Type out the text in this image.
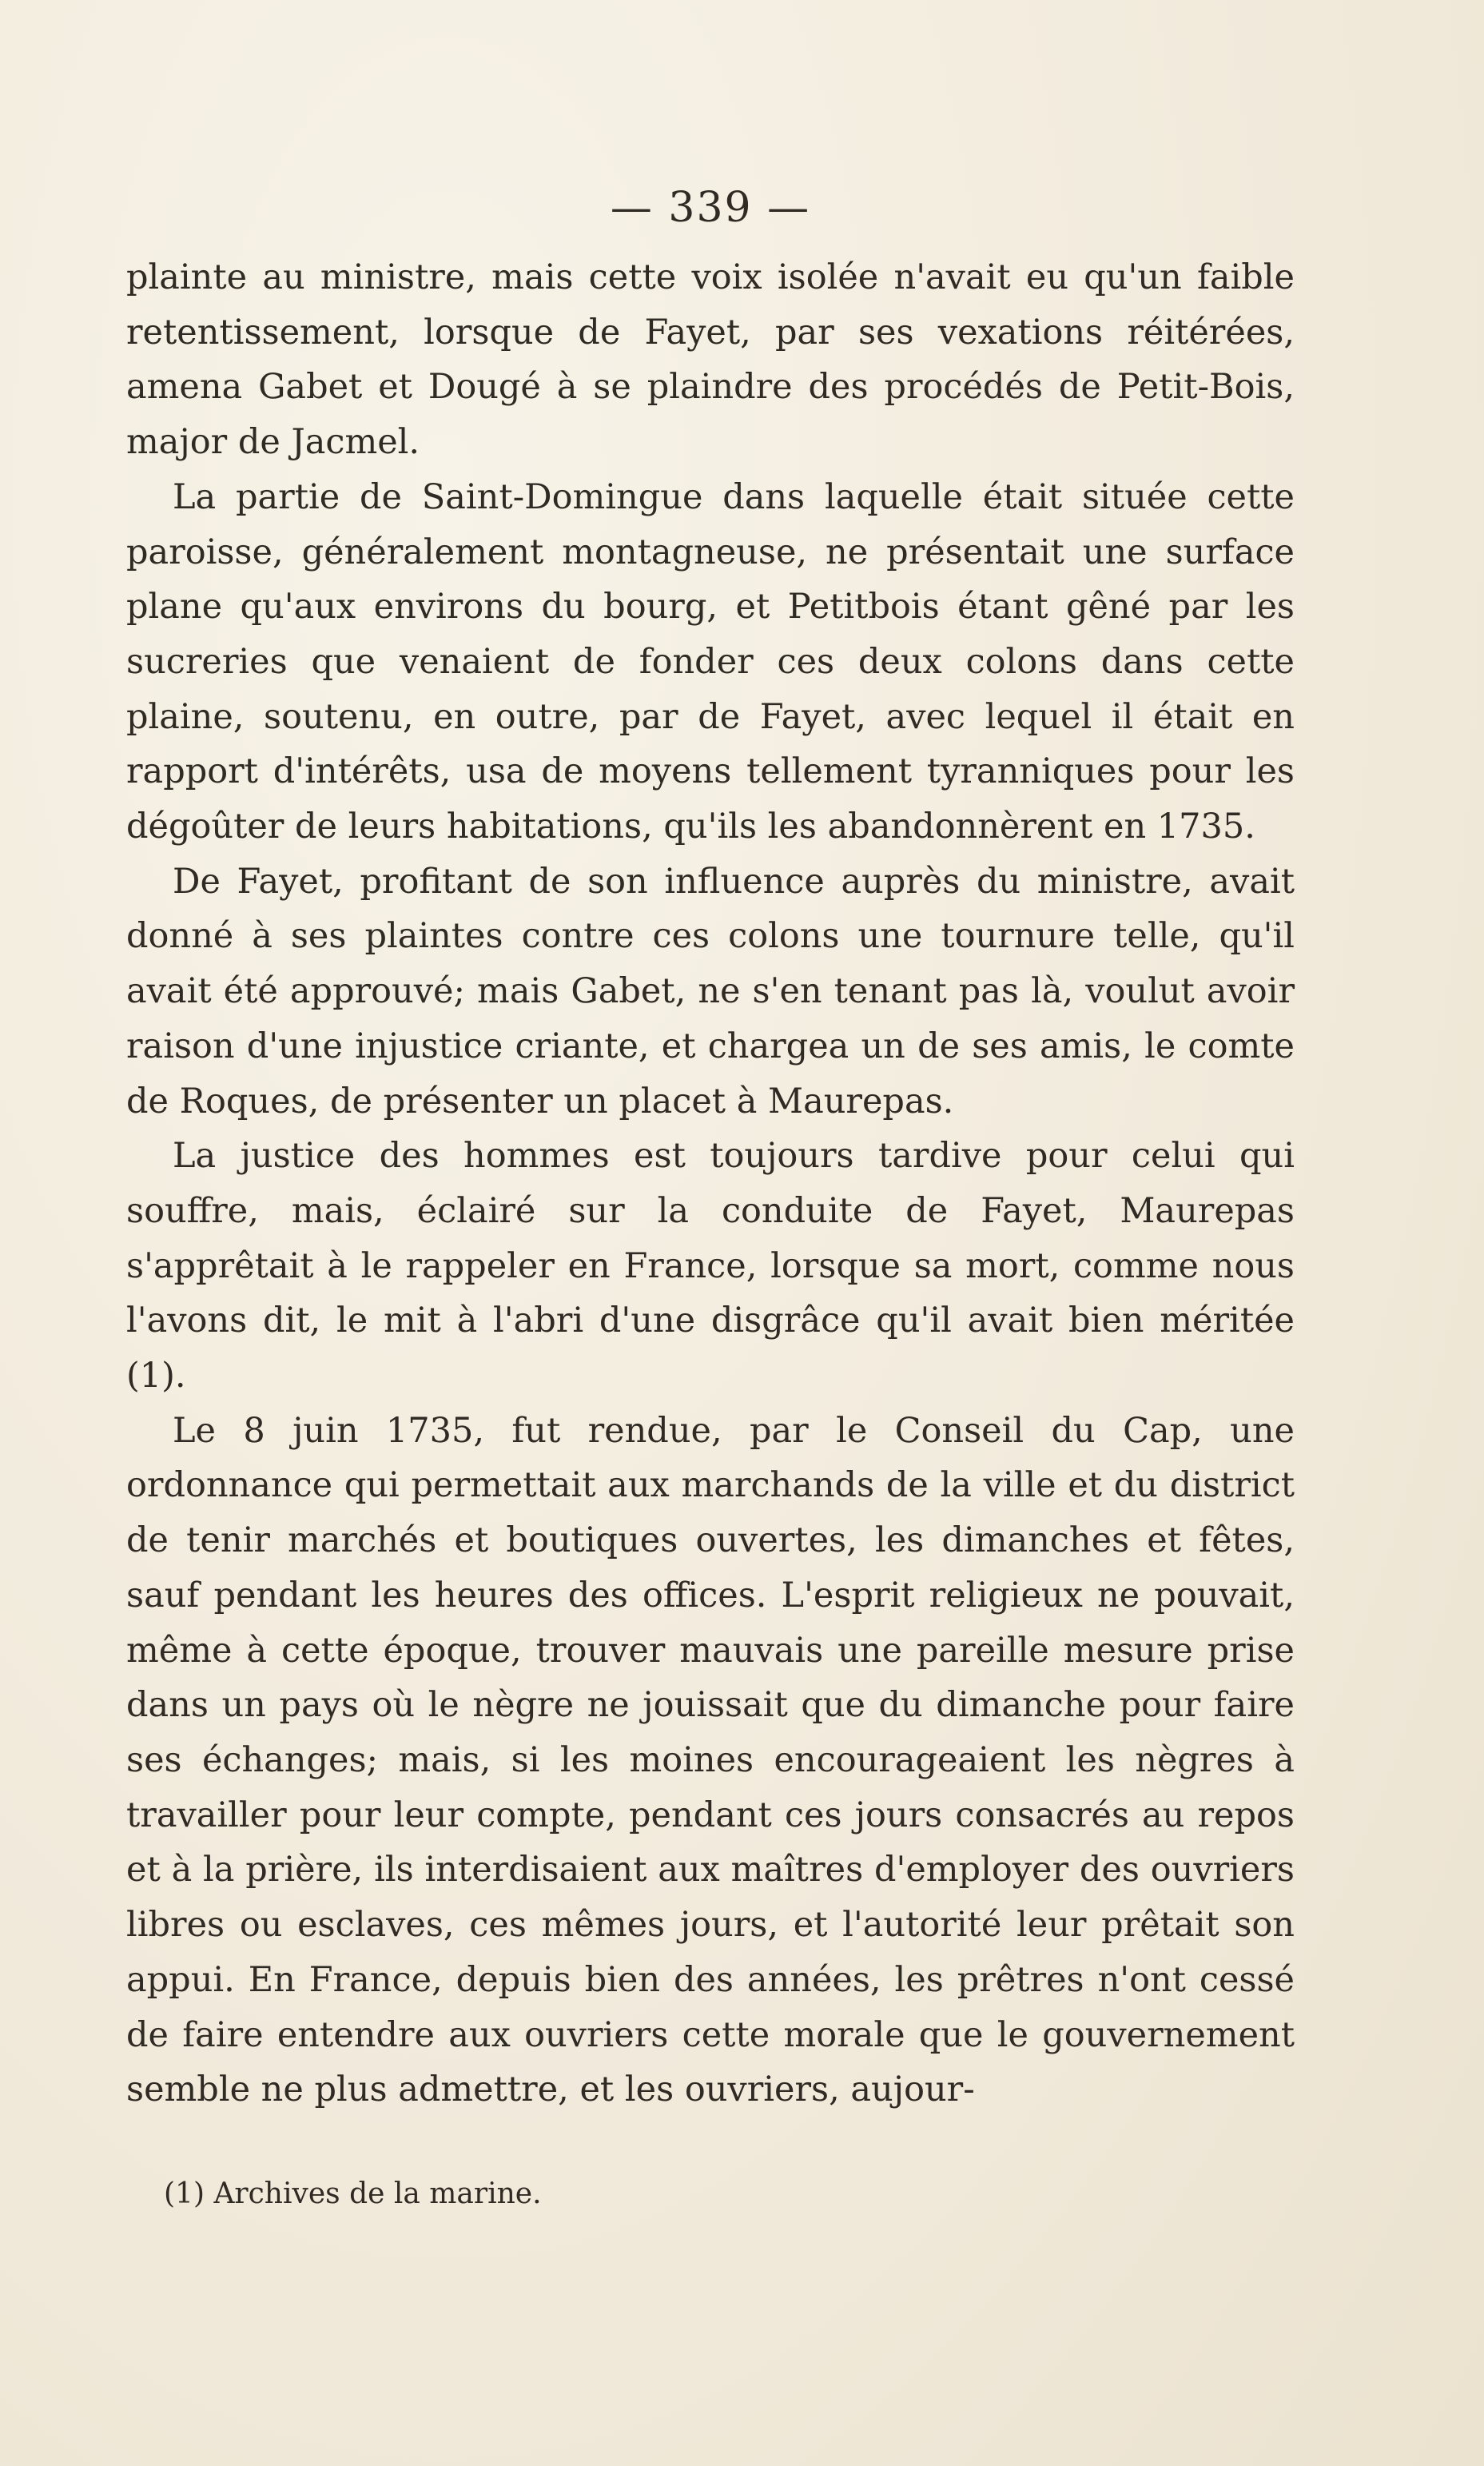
— 339 —

plainte au ministre, mais cette voix isolée n'avait eu qu'un faible retentissement, lorsque de Fayet, par ses vexations réitérées, amena Gabet et Dougé à se plaindre des procédés de Petit-Bois, major de Jacmel.

La partie de Saint-Domingue dans laquelle était située cette paroisse, généralement montagneuse, ne présentait une surface plane qu'aux environs du bourg, et Petitbois étant gêné par les sucreries que venaient de fonder ces deux colons dans cette plaine, soutenu, en outre, par de Fayet, avec lequel il était en rapport d'intérêts, usa de moyens tellement tyranniques pour les dégoûter de leurs habitations, qu'ils les abandonnèrent en 1735.

De Fayet, profitant de son influence auprès du ministre, avait donné à ses plaintes contre ces colons une tournure telle, qu'il avait été approuvé; mais Gabet, ne s'en tenant pas là, voulut avoir raison d'une injustice criante, et chargea un de ses amis, le comte de Roques, de présenter un placet à Maurepas.

La justice des hommes est toujours tardive pour celui qui souffre, mais, éclairé sur la conduite de Fayet, Maurepas s'apprêtait à le rappeler en France, lorsque sa mort, comme nous l'avons dit, le mit à l'abri d'une disgrâce qu'il avait bien méritée (1).

Le 8 juin 1735, fut rendue, par le Conseil du Cap, une ordonnance qui permettait aux marchands de la ville et du district de tenir marchés et boutiques ouvertes, les dimanches et fêtes, sauf pendant les heures des offices. L'esprit religieux ne pouvait, même à cette époque, trouver mauvais une pareille mesure prise dans un pays où le nègre ne jouissait que du dimanche pour faire ses échanges; mais, si les moines encourageaient les nègres à travailler pour leur compte, pendant ces jours consacrés au repos et à la prière, ils interdisaient aux maîtres d'employer des ouvriers libres ou esclaves, ces mêmes jours, et l'autorité leur prêtait son appui. En France, depuis bien des années, les prêtres n'ont cessé de faire entendre aux ouvriers cette morale que le gouvernement semble ne plus admettre, et les ouvriers, aujour-

(1) Archives de la marine.
